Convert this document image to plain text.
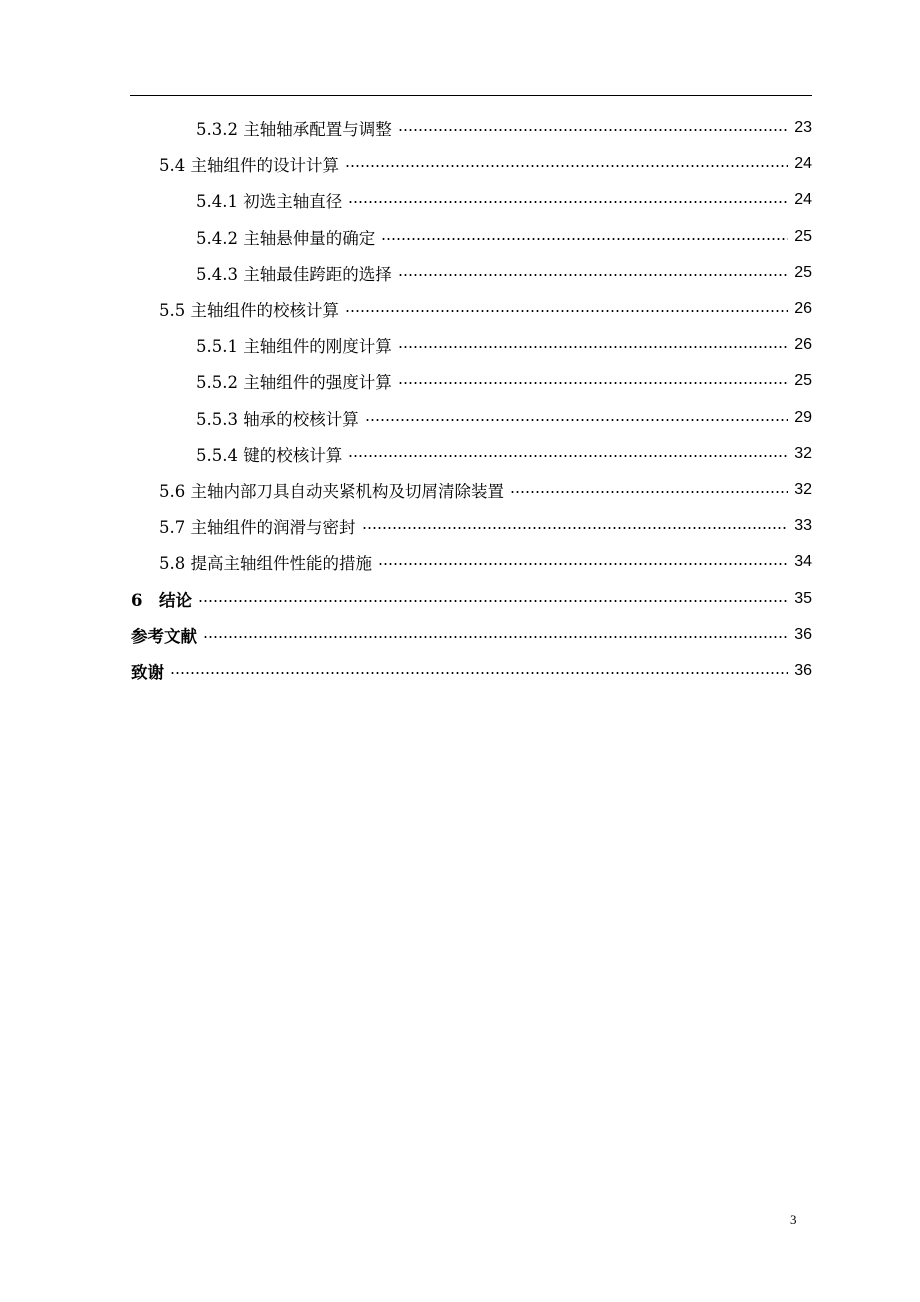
5.3.2 主轴轴承配置与调整	23
5.4 主轴组件的设计计算	24
5.4.1 初选主轴直径	24
5.4.2 主轴悬伸量的确定	25
5.4.3 主轴最佳跨距的选择	25
5.5 主轴组件的校核计算	26
5.5.1 主轴组件的刚度计算	26
5.5.2 主轴组件的强度计算	25
5.5.3 轴承的校核计算	29
5.5.4 键的校核计算	32
5.6 主轴内部刀具自动夹紧机构及切屑清除装置	32
5.7 主轴组件的润滑与密封	33
5.8 提高主轴组件性能的措施	34
6　结论	35
参考文献	36
致谢	36
3
